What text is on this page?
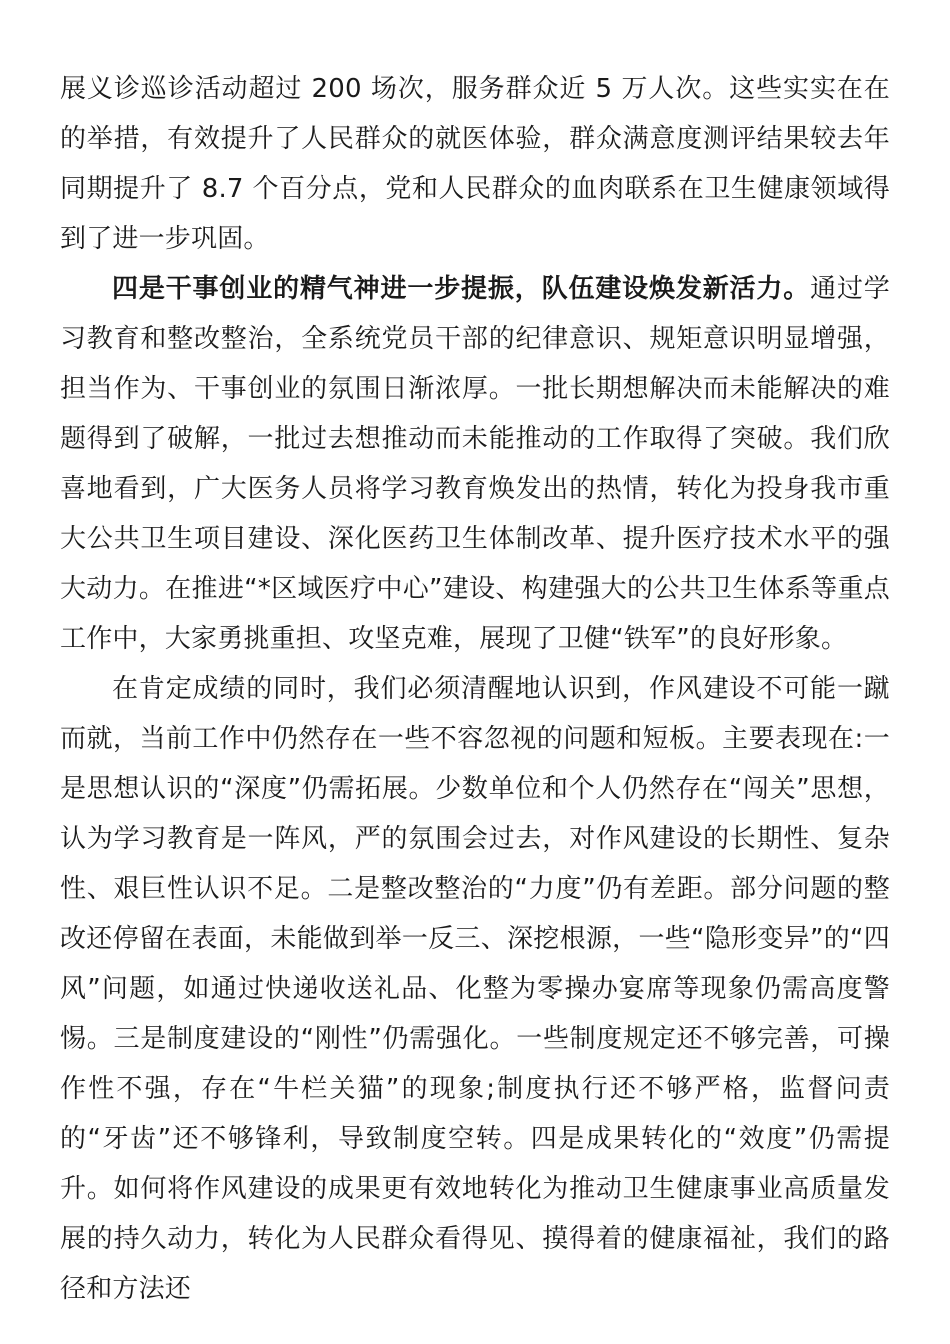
展义诊巡诊活动超过 200 场次，服务群众近 5 万人次。这些实实在在的举措，有效提升了人民群众的就医体验，群众满意度测评结果较去年同期提升了 8.7 个百分点，党和人民群众的血肉联系在卫生健康领域得到了进一步巩固。

四是干事创业的精气神进一步提振，队伍建设焕发新活力。通过学习教育和整改整治，全系统党员干部的纪律意识、规矩意识明显增强，担当作为、干事创业的氛围日渐浓厚。一批长期想解决而未能解决的难题得到了破解，一批过去想推动而未能推动的工作取得了突破。我们欣喜地看到，广大医务人员将学习教育焕发出的热情，转化为投身我市重大公共卫生项目建设、深化医药卫生体制改革、提升医疗技术水平的强大动力。在推进“*区域医疗中心”建设、构建强大的公共卫生体系等重点工作中，大家勇挑重担、攻坚克难，展现了卫健“铁军”的良好形象。

在肯定成绩的同时，我们必须清醒地认识到，作风建设不可能一蹴而就，当前工作中仍然存在一些不容忽视的问题和短板。主要表现在:一是思想认识的“深度”仍需拓展。少数单位和个人仍然存在“闯关”思想，认为学习教育是一阵风，严的氛围会过去，对作风建设的长期性、复杂性、艰巨性认识不足。二是整改整治的“力度”仍有差距。部分问题的整改还停留在表面，未能做到举一反三、深挖根源，一些“隐形变异”的“四风”问题，如通过快递收送礼品、化整为零操办宴席等现象仍需高度警惕。三是制度建设的“刚性”仍需强化。一些制度规定还不够完善，可操作性不强，存在“牛栏关猫”的现象;制度执行还不够严格，监督问责的“牙齿”还不够锋利，导致制度空转。四是成果转化的“效度”仍需提升。如何将作风建设的成果更有效地转化为推动卫生健康事业高质量发展的持久动力，转化为人民群众看得见、摸得着的健康福祉，我们的路径和方法还
